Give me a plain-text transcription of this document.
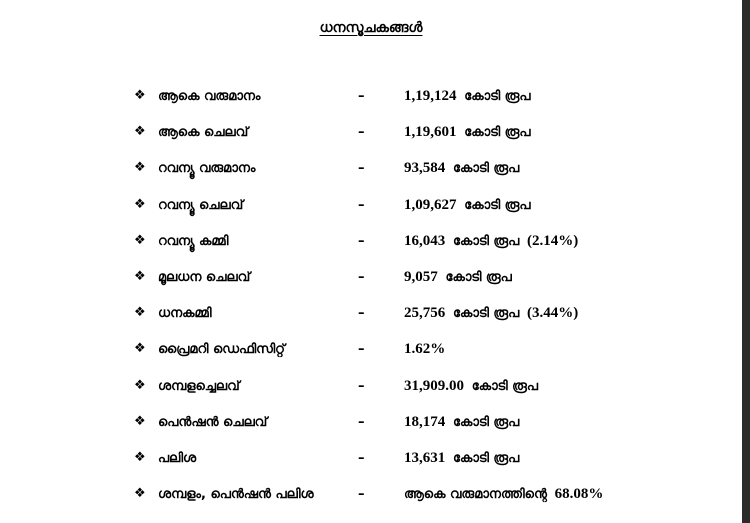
ധനസൂചകങ്ങൾ
❖ ആകെ വരുമാനം	–	1,19,124 കോടി രൂപ
❖ ആകെ ചെലവ്	–	1,19,601 കോടി രൂപ
❖ റവന്യൂ വരുമാനം	–	93,584 കോടി രൂപ
❖ റവന്യൂ ചെലവ്	–	1,09,627 കോടി രൂപ
❖ റവന്യൂ കമ്മി	–	16,043 കോടി രൂപ (2.14%)
❖ മൂലധന ചെലവ്	–	9,057 കോടി രൂപ
❖ ധനകമ്മി	–	25,756 കോടി രൂപ (3.44%)
❖ പ്രൈമറി ഡെഫിസിറ്റ്	–	1.62%
❖ ശമ്പളച്ചെലവ്	–	31,909.00 കോടി രൂപ
❖ പെൻഷൻ ചെലവ്	–	18,174 കോടി രൂപ
❖ പലിശ	–	13,631 കോടി രൂപ
❖ ശമ്പളം, പെൻഷൻ പലിശ	–	ആകെ വരുമാനത്തിന്റെ 68.08%
